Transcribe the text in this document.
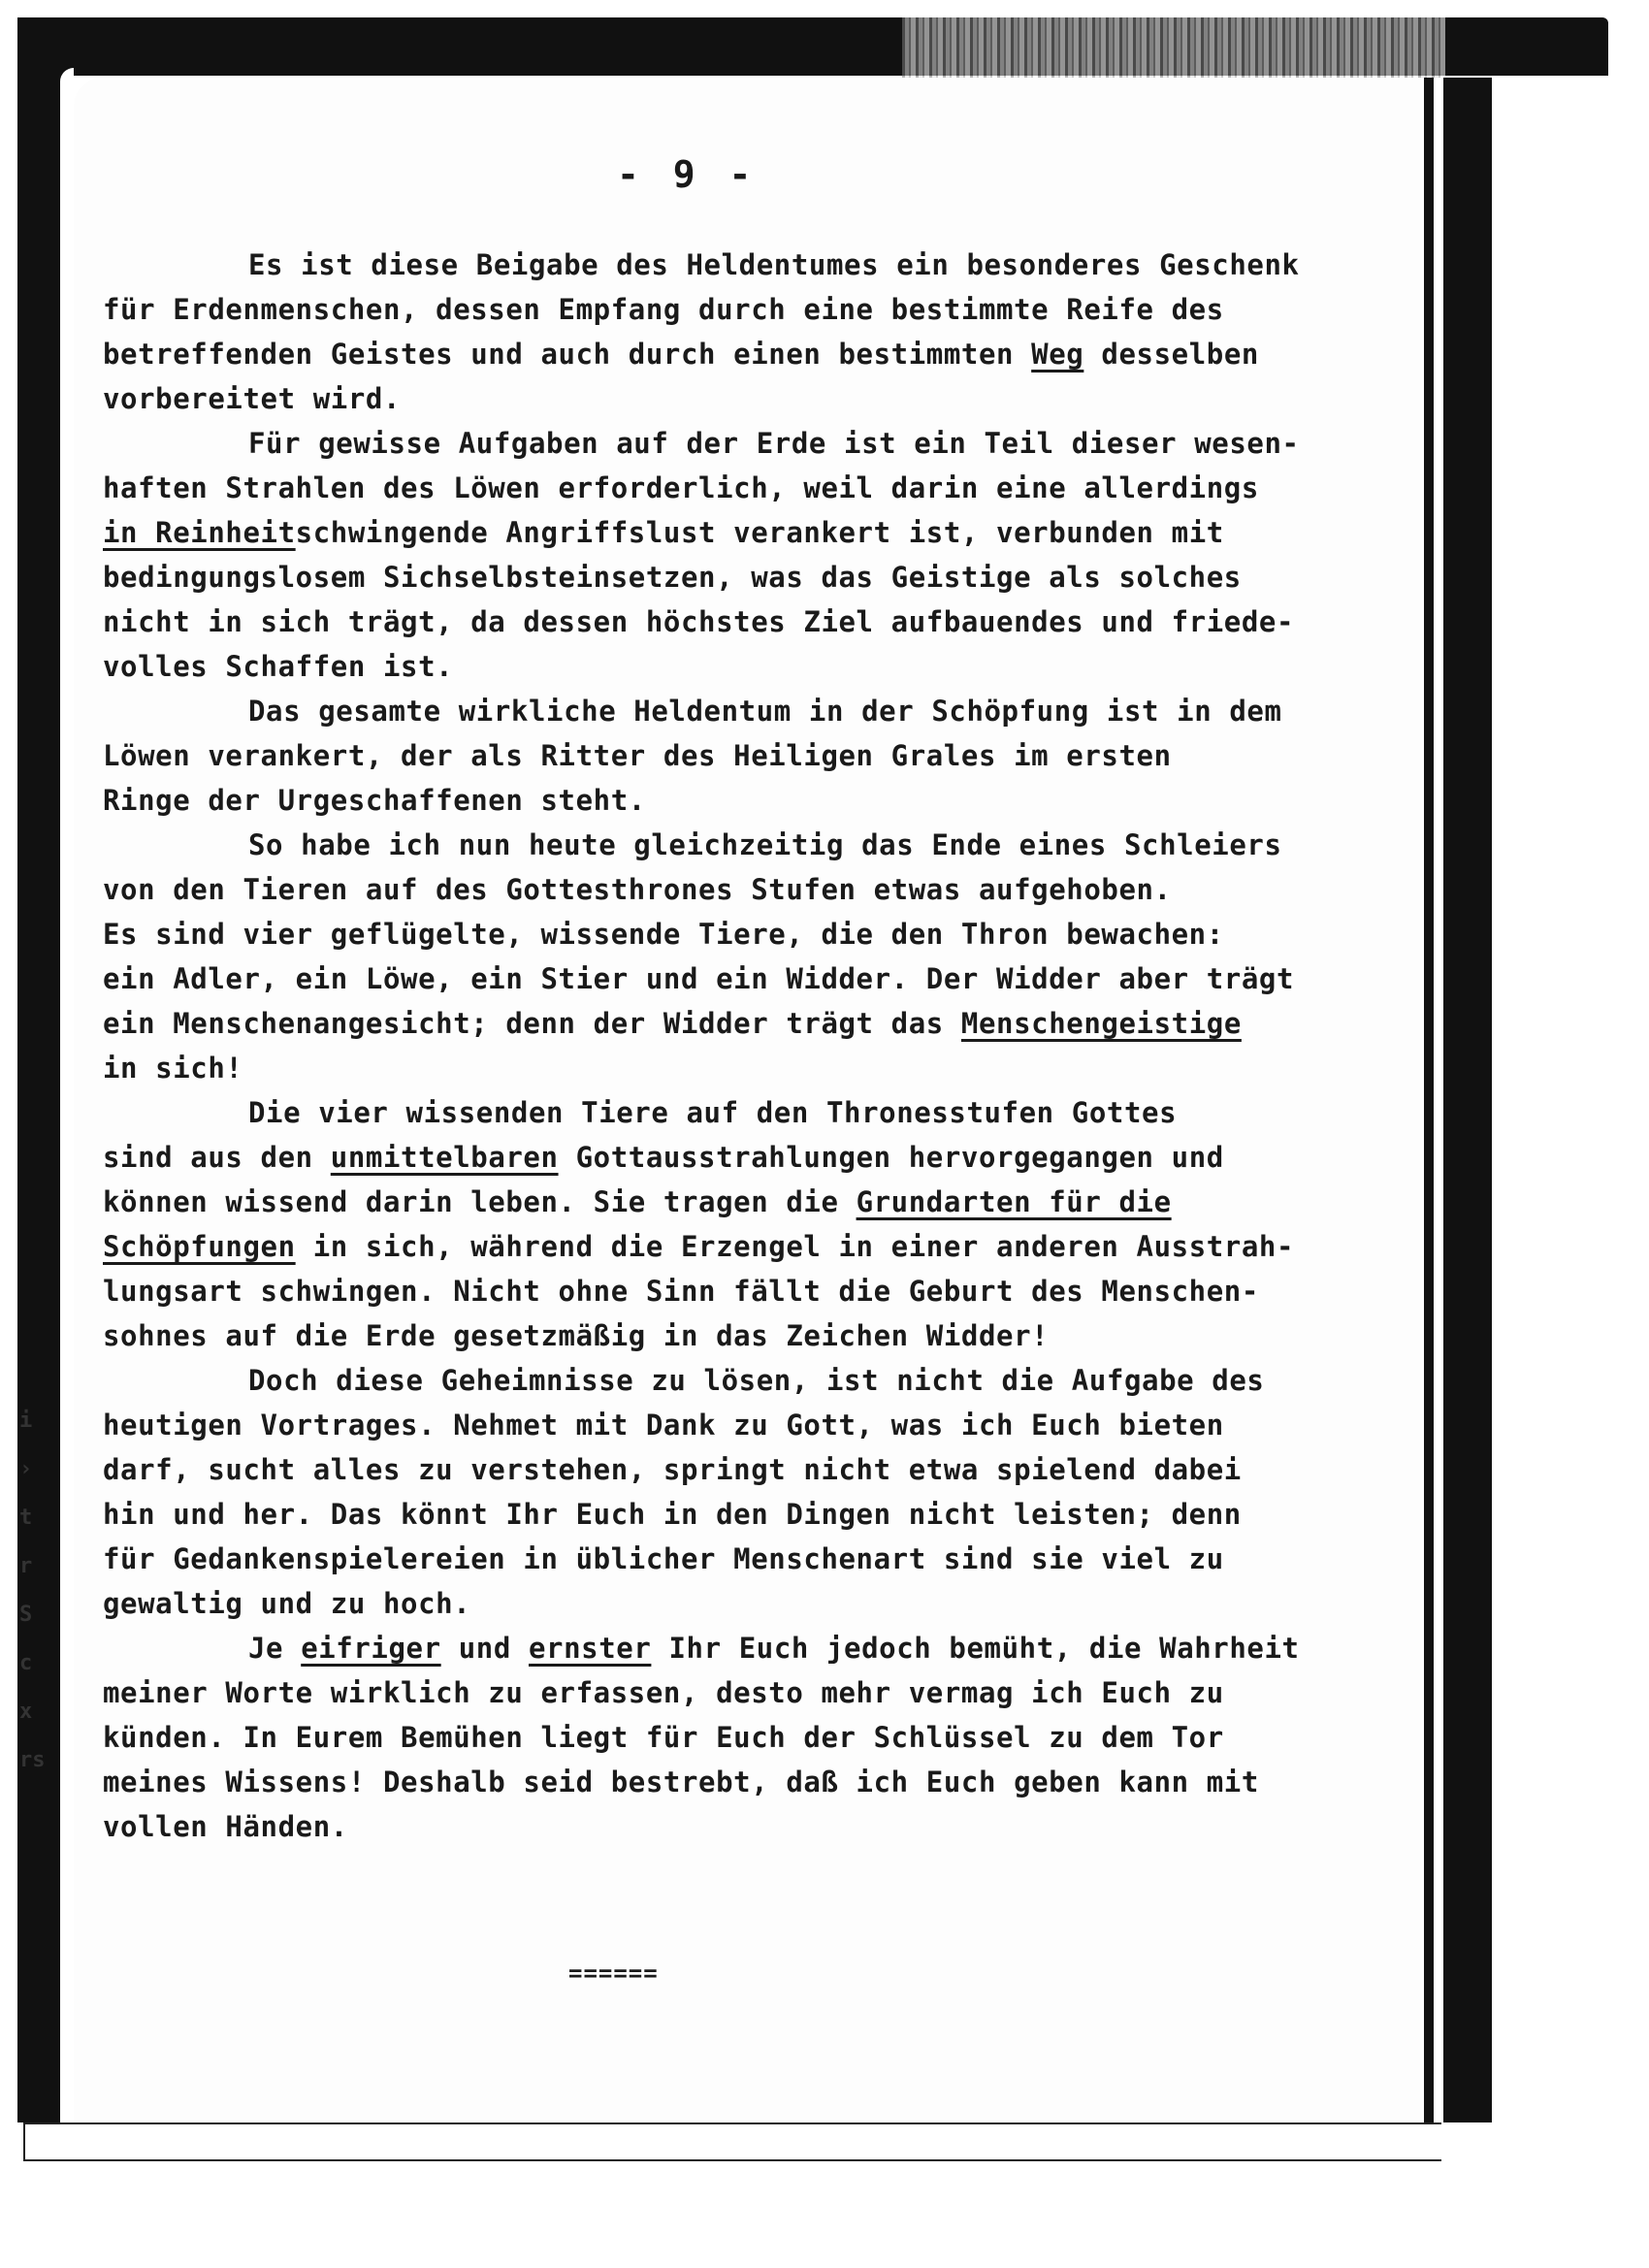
- 9 -
Es ist diese Beigabe des Heldentumes ein besonderes Geschenk
für Erdenmenschen, dessen Empfang durch eine bestimmte Reife des
betreffenden Geistes und auch durch einen bestimmten Weg desselben
vorbereitet wird.
Für gewisse Aufgaben auf der Erde ist ein Teil dieser wesen-
haften Strahlen des Löwen erforderlich, weil darin eine allerdings
in Reinheitschwingende Angriffslust verankert ist, verbunden mit
bedingungslosem Sichselbsteinsetzen, was das Geistige als solches
nicht in sich trägt, da dessen höchstes Ziel aufbauendes und friede-
volles Schaffen ist.
Das gesamte wirkliche Heldentum in der Schöpfung ist in dem
Löwen verankert, der als Ritter des Heiligen Grales im ersten
Ringe der Urgeschaffenen steht.
So habe ich nun heute gleichzeitig das Ende eines Schleiers
von den Tieren auf des Gottesthrones Stufen etwas aufgehoben.
Es sind vier geflügelte, wissende Tiere, die den Thron bewachen:
ein Adler, ein Löwe, ein Stier und ein Widder. Der Widder aber trägt
ein Menschenangesicht; denn der Widder trägt das Menschengeistige
in sich!
Die vier wissenden Tiere auf den Thronesstufen Gottes
sind aus den unmittelbaren Gottausstrahlungen hervorgegangen und
können wissend darin leben. Sie tragen die Grundarten für die
Schöpfungen in sich, während die Erzengel in einer anderen Ausstrah-
lungsart schwingen. Nicht ohne Sinn fällt die Geburt des Menschen-
sohnes auf die Erde gesetzmäßig in das Zeichen Widder!
Doch diese Geheimnisse zu lösen, ist nicht die Aufgabe des
heutigen Vortrages. Nehmet mit Dank zu Gott, was ich Euch bieten
darf, sucht alles zu verstehen, springt nicht etwa spielend dabei
hin und her. Das könnt Ihr Euch in den Dingen nicht leisten; denn
für Gedankenspielereien in üblicher Menschenart sind sie viel zu
gewaltig und zu hoch.
Je eifriger und ernster Ihr Euch jedoch bemüht, die Wahrheit
meiner Worte wirklich zu erfassen, desto mehr vermag ich Euch zu
künden. In Eurem Bemühen liegt für Euch der Schlüssel zu dem Tor
meines Wissens! Deshalb seid bestrebt, daß ich Euch geben kann mit
vollen Händen.
======
i
›
t
r
S
c
x
rs
